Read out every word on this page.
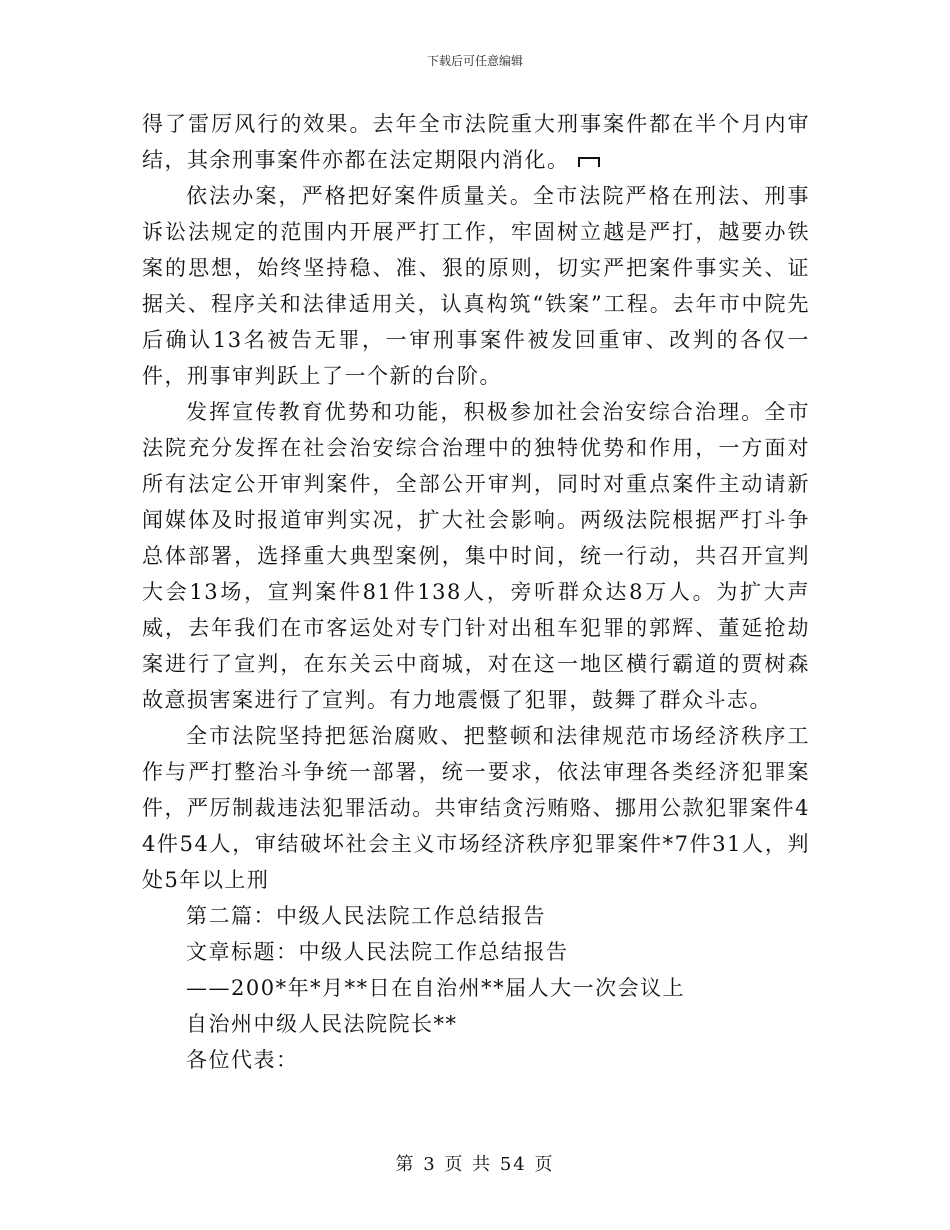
下载后可任意编辑

得了雷厉风行的效果。去年全市法院重大刑事案件都在半个月内审结，其余刑事案件亦都在法定期限内消化。

依法办案，严格把好案件质量关。全市法院严格在刑法、刑事诉讼法规定的范围内开展严打工作，牢固树立越是严打，越要办铁案的思想，始终坚持稳、准、狠的原则，切实严把案件事实关、证据关、程序关和法律适用关，认真构筑“铁案”工程。去年市中院先后确认13名被告无罪，一审刑事案件被发回重审、改判的各仅一件，刑事审判跃上了一个新的台阶。

发挥宣传教育优势和功能，积极参加社会治安综合治理。全市法院充分发挥在社会治安综合治理中的独特优势和作用，一方面对所有法定公开审判案件，全部公开审判，同时对重点案件主动请新闻媒体及时报道审判实况，扩大社会影响。两级法院根据严打斗争总体部署，选择重大典型案例，集中时间，统一行动，共召开宣判大会13场，宣判案件81件138人，旁听群众达8万人。为扩大声威，去年我们在市客运处对专门针对出租车犯罪的郭辉、董延抢劫案进行了宣判，在东关云中商城，对在这一地区横行霸道的贾树森故意损害案进行了宣判。有力地震慑了犯罪，鼓舞了群众斗志。

全市法院坚持把惩治腐败、把整顿和法律规范市场经济秩序工作与严打整治斗争统一部署，统一要求，依法审理各类经济犯罪案件，严厉制裁违法犯罪活动。共审结贪污贿赂、挪用公款犯罪案件44件54人，审结破坏社会主义市场经济秩序犯罪案件*7件31人，判处5年以上刑

第二篇：中级人民法院工作总结报告

文章标题：中级人民法院工作总结报告

——200*年*月**日在自治州**届人大一次会议上

自治州中级人民法院院长**

各位代表：

第 3 页 共 54 页
